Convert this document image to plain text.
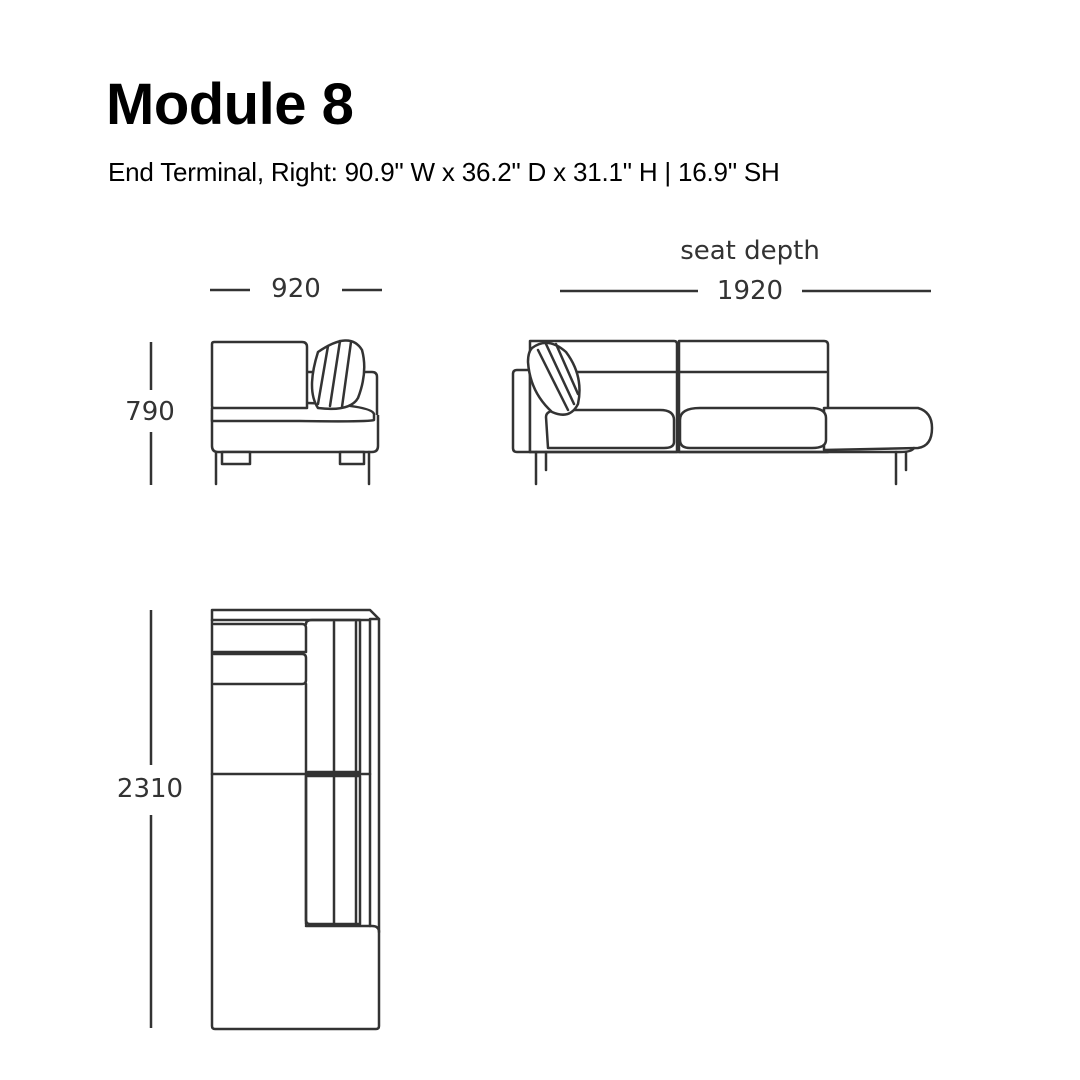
Module 8

End Terminal, Right: 90.9" W x 36.2" D x 31.1" H | 16.9" SH

920
790
seat depth
1920
2310
